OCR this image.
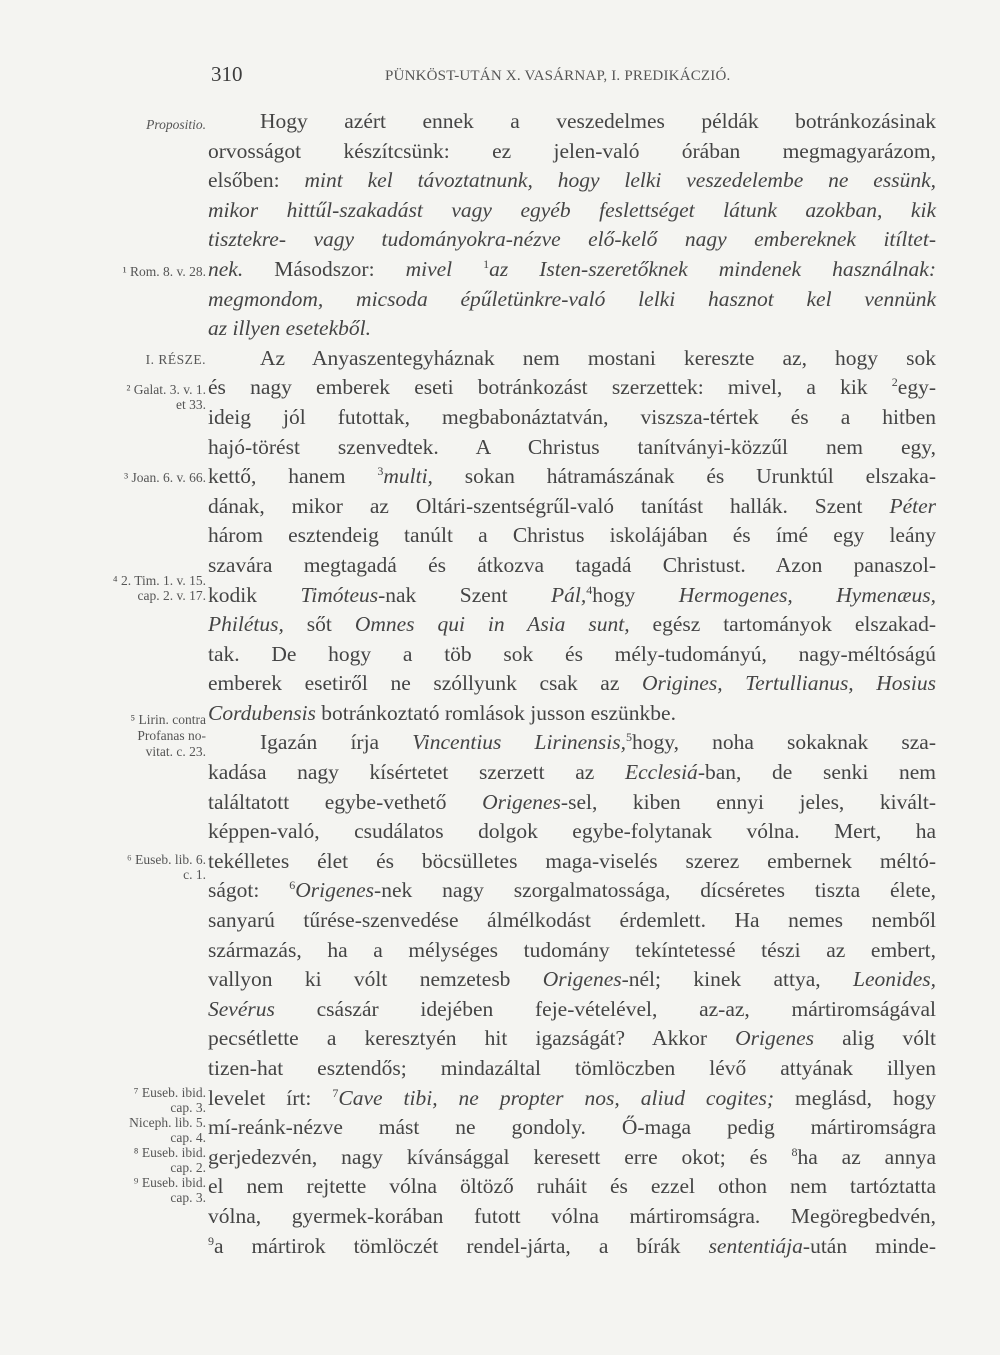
310	PÜNKÖST-UTÁN X. VASÁRNAP, I. PREDIKÁCZIÓ.
Propositio.
¹ Rom. 8. v. 28.
I. RÉSZE.
² Galat. 3. v. 1.
et 33.
³ Joan. 6. v. 66.
⁴ 2. Tim. 1. v. 15.
cap. 2. v. 17.
⁵ Lirin. contra
Profanas no-
vitat. c. 23.
⁶ Euseb. lib. 6.
c. 1.
⁷ Euseb. ibid.
cap. 3.
Niceph. lib. 5.
cap. 4.
⁸ Euseb. ibid.
cap. 2.
⁹ Euseb. ibid.
cap. 3.
Hogy azért ennek a veszedelmes példák botránkozásinak
orvosságot készítcsünk: ez jelen-való órában megmagyarázom,
elsőben: mint kel távoztatnunk, hogy lelki veszedelembe ne essünk,
mikor hittűl-szakadást vagy egyéb feslettséget látunk azokban, kik
tisztekre- vagy tudományokra-nézve elő-kelő nagy embereknek itíltet-
nek. Másodszor: mivel $^1$az Isten-szeretőknek mindenek használnak:
megmondom, micsoda épűletünkre-való lelki hasznot kel vennünk
az illyen esetekből.
Az Anyaszentegyháznak nem mostani kereszte az, hogy sok
és nagy emberek eseti botránkozást szerzettek: mivel, a kik $^2$egy-
ideig jól futottak, megbabonáztatván, viszsza-tértek és a hitben
hajó-törést szenvedtek. A Christus tanítványi-közzűl nem egy,
kettő, hanem $^3$multi, sokan hátramászának és Urunktúl elszaka-
dának, mikor az Oltári-szentségrűl-való tanítást hallák. Szent Péter
három esztendeig tanúlt a Christus iskolájában és ímé egy leány
szavára megtagadá és átkozva tagadá Christust. Azon panaszol-
kodik Timóteus-nak Szent Pál,$^4$hogy Hermogenes, Hymenæus,
Philétus, sőt Omnes qui in Asia sunt, egész tartományok elszakad-
tak. De hogy a töb sok és mély-tudományú, nagy-méltóságú
emberek esetiről ne szóllyunk csak az Origines, Tertullianus, Hosius
Cordubensis botránkoztató romlások jusson eszünkbe.
Igazán írja Vincentius Lirinensis,$^5$hogy, noha sokaknak sza-
kadása nagy kísértetet szerzett az Ecclesiá-ban, de senki nem
találtatott egybe-vethető Origenes-sel, kiben ennyi jeles, kivált-
képpen-való, csudálatos dolgok egybe-folytanak vólna. Mert, ha
tekélletes élet és böcsülletes maga-viselés szerez embernek méltó-
ságot: $^6$Origenes-nek nagy szorgalmatossága, dícséretes tiszta élete,
sanyarú tűrése-szenvedése álmélkodást érdemlett. Ha nemes nemből
származás, ha a mélységes tudomány tekíntetessé tészi az embert,
vallyon ki vólt nemzetesb Origenes-nél; kinek attya, Leonides,
Sevérus császár idejében feje-vételével, az-az, mártiromságával
pecsétlette a keresztyén hit igazságát? Akkor Origenes alig vólt
tizen-hat esztendős; mindazáltal tömlöczben lévő attyának illyen
levelet írt: $^7$Cave tibi, ne propter nos, aliud cogites; meglásd, hogy
mí-reánk-nézve mást ne gondoly. Ő-maga pedig mártiromságra
gerjedezvén, nagy kívánsággal keresett erre okot; és $^8$ha az annya
el nem rejtette vólna öltöző ruháit és ezzel othon nem tartóztatta
vólna, gyermek-korában futott vólna mártiromságra. Megöregbedvén,
$^9$a mártirok tömlöczét rendel-járta, a bírák sententiája-után minde-
